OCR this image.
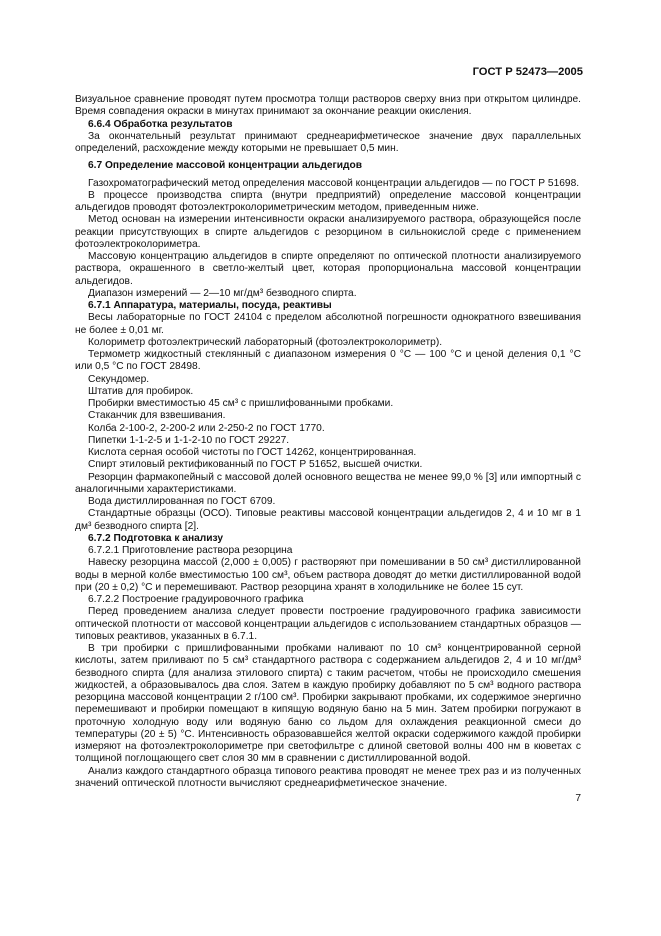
ГОСТ Р 52473—2005

Визуальное сравнение проводят путем просмотра толщи растворов сверху вниз при открытом цилиндре. Время совпадения окраски в минутах принимают за окончание реакции окисления.

6.6.4 Обработка результатов

За окончательный результат принимают среднеарифметическое значение двух параллельных определений, расхождение между которыми не превышает 0,5 мин.

6.7 Определение массовой концентрации альдегидов

Газохроматографический метод определения массовой концентрации альдегидов — по ГОСТ Р 51698.

В процессе производства спирта (внутри предприятий) определение массовой концентрации альдегидов проводят фотоэлектроколориметрическим методом, приведенным ниже.

Метод основан на измерении интенсивности окраски анализируемого раствора, образующейся после реакции присутствующих в спирте альдегидов с резорцином в сильнокислой среде с применением фотоэлектроколориметра.

Массовую концентрацию альдегидов в спирте определяют по оптической плотности анализируемого раствора, окрашенного в светло-желтый цвет, которая пропорциональна массовой концентрации альдегидов.

Диапазон измерений — 2—10 мг/дм³ безводного спирта.

6.7.1 Аппаратура, материалы, посуда, реактивы

Весы лабораторные по ГОСТ 24104 с пределом абсолютной погрешности однократного взвешивания не более ± 0,01 мг.

Колориметр фотоэлектрический лабораторный (фотоэлектроколориметр).

Термометр жидкостный стеклянный с диапазоном измерения 0 °С — 100 °С и ценой деления 0,1 °С или 0,5 °С по ГОСТ 28498.

Секундомер.

Штатив для пробирок.

Пробирки вместимостью 45 см³ с пришлифованными пробками.

Стаканчик для взвешивания.

Колба 2-100-2, 2-200-2 или 2-250-2 по ГОСТ 1770.

Пипетки 1-1-2-5 и 1-1-2-10 по ГОСТ 29227.

Кислота серная особой чистоты по ГОСТ 14262, концентрированная.

Спирт этиловый ректификованный по ГОСТ Р 51652, высшей очистки.

Резорцин фармакопейный с массовой долей основного вещества не менее 99,0 % [3] или импортный с аналогичными характеристиками.

Вода дистиллированная по ГОСТ 6709.

Стандартные образцы (ОСО). Типовые реактивы массовой концентрации альдегидов 2, 4 и 10 мг в 1 дм³ безводного спирта [2].

6.7.2 Подготовка к анализу

6.7.2.1 Приготовление раствора резорцина

Навеску резорцина массой (2,000 ± 0,005) г растворяют при помешивании в 50 см³ дистиллированной воды в мерной колбе вместимостью 100 см³, объем раствора доводят до метки дистиллированной водой при (20 ± 0,2) °С и перемешивают. Раствор резорцина хранят в холодильнике не более 15 сут.

6.7.2.2 Построение градуировочного графика

Перед проведением анализа следует провести построение градуировочного графика зависимости оптической плотности от массовой концентрации альдегидов с использованием стандартных образцов — типовых реактивов, указанных в 6.7.1.

В три пробирки с пришлифованными пробками наливают по 10 см³ концентрированной серной кислоты, затем приливают по 5 см³ стандартного раствора с содержанием альдегидов 2, 4 и 10 мг/дм³ безводного спирта (для анализа этилового спирта) с таким расчетом, чтобы не происходило смешения жидкостей, а образовывалось два слоя. Затем в каждую пробирку добавляют по 5 см³ водного раствора резорцина массовой концентрации 2 г/100 см³. Пробирки закрывают пробками, их содержимое энергично перемешивают и пробирки помещают в кипящую водяную баню на 5 мин. Затем пробирки погружают в проточную холодную воду или водяную баню со льдом для охлаждения реакционной смеси до температуры (20 ± 5) °С. Интенсивность образовавшейся желтой окраски содержимого каждой пробирки измеряют на фотоэлектроколориметре при светофильтре с длиной световой волны 400 нм в кюветах с толщиной поглощающего свет слоя 30 мм в сравнении с дистиллированной водой.

Анализ каждого стандартного образца типового реактива проводят не менее трех раз и из полученных значений оптической плотности вычисляют среднеарифметическое значение.

7
